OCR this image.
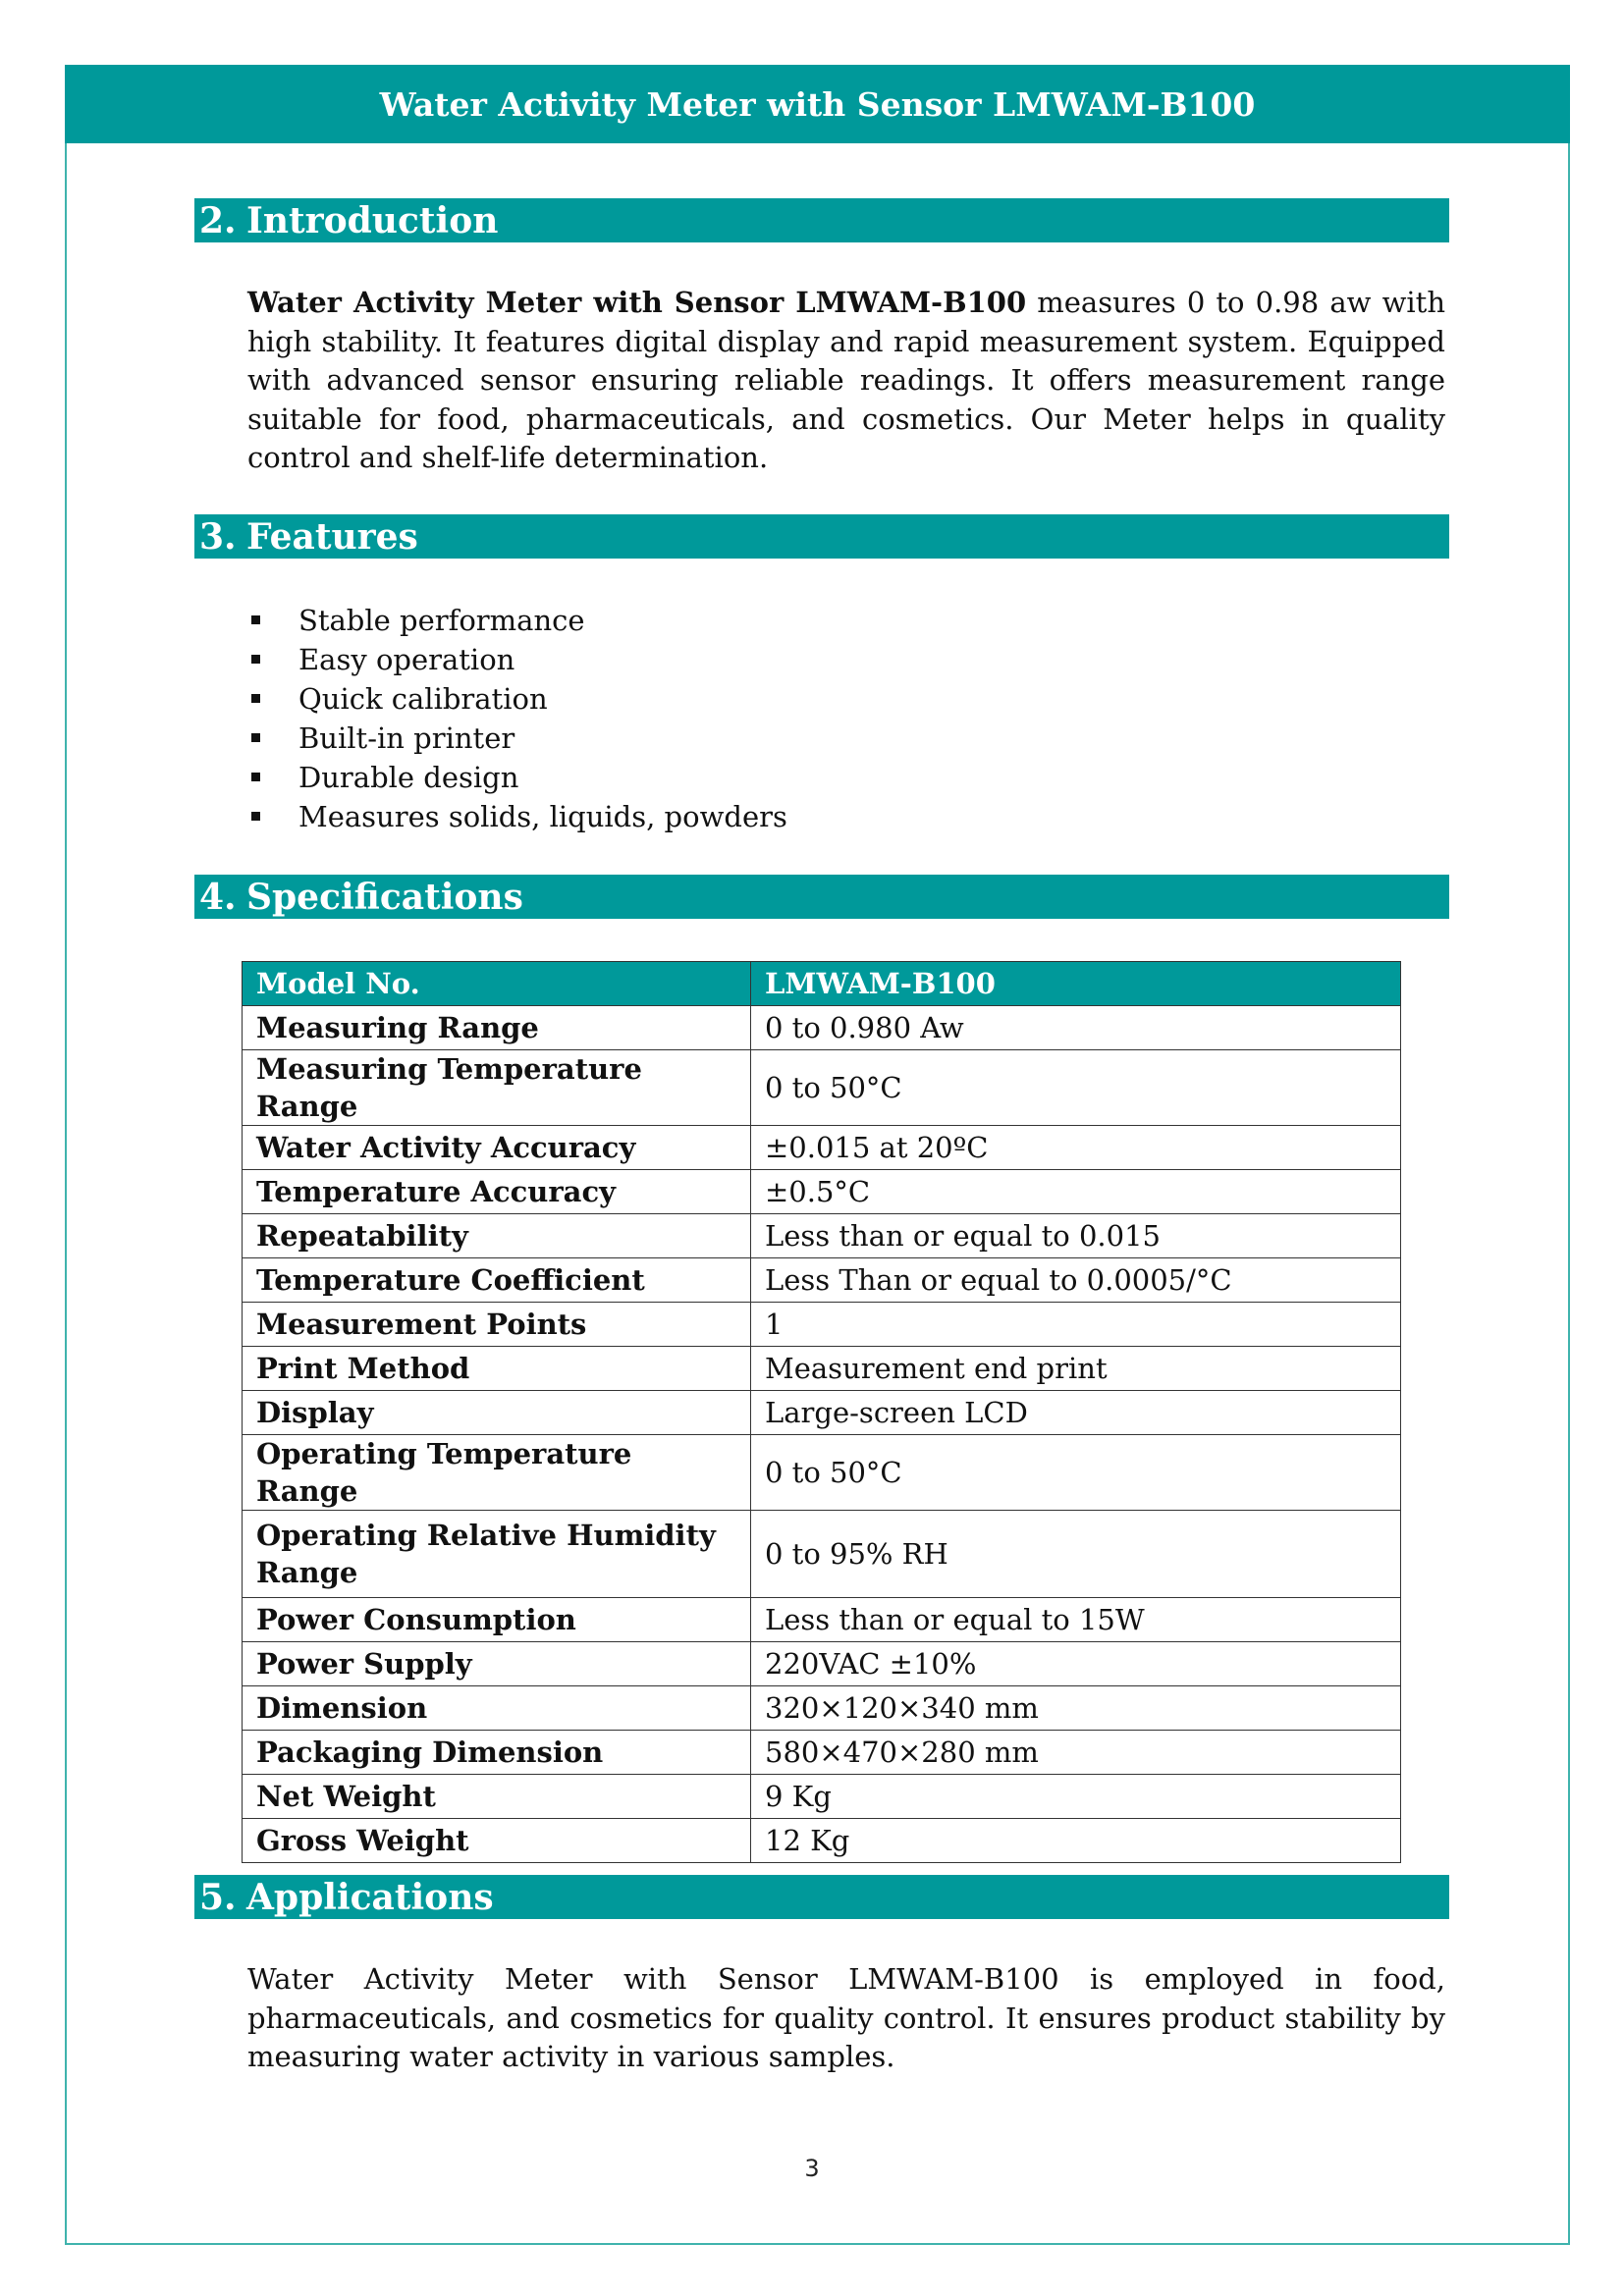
Water Activity Meter with Sensor LMWAM-B100
2. Introduction
Water Activity Meter with Sensor LMWAM-B100 measures 0 to 0.98 aw with high stability. It features digital display and rapid measurement system. Equipped with advanced sensor ensuring reliable readings. It offers measurement range suitable for food, pharmaceuticals, and cosmetics. Our Meter helps in quality control and shelf-life determination.
3. Features
Stable performance
Easy operation
Quick calibration
Built-in printer
Durable design
Measures solids, liquids, powders
4. Specifications
Model No.	LMWAM-B100
Measuring Range	0 to 0.980 Aw
Measuring Temperature Range	0 to 50°C
Water Activity Accuracy	±0.015 at 20ºC
Temperature Accuracy	±0.5°C
Repeatability	Less than or equal to 0.015
Temperature Coefficient	Less Than or equal to 0.0005/°C
Measurement Points	1
Print Method	Measurement end print
Display	Large-screen LCD
Operating Temperature Range	0 to 50°C
Operating Relative Humidity Range	0 to 95% RH
Power Consumption	Less than or equal to 15W
Power Supply	220VAC ±10%
Dimension	320×120×340 mm
Packaging Dimension	580×470×280 mm
Net Weight	9 Kg
Gross Weight	12 Kg
5. Applications
Water Activity Meter with Sensor LMWAM-B100 is employed in food, pharmaceuticals, and cosmetics for quality control. It ensures product stability by measuring water activity in various samples.
3
